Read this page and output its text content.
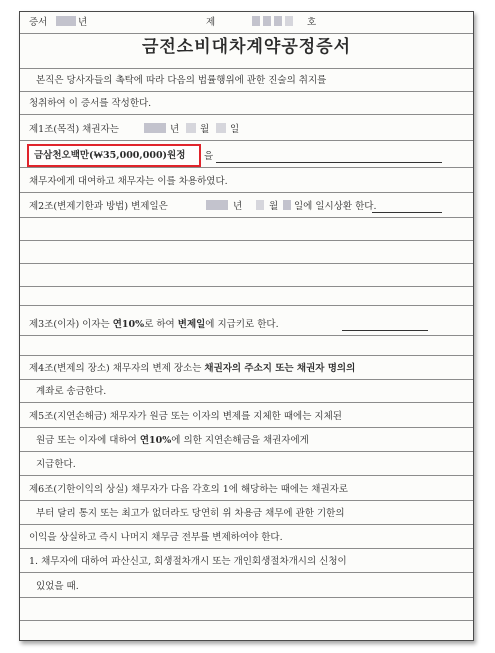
증서	년	제
	호
금전소비대차계약공정증서
본직은 당사자들의 촉탁에 따라 다음의 법률행위에 관한 진술의 취지를
청취하여 이 증서를 작성한다.
제1조(목적) 채권자는	년 월 일
금삼천오백만(₩35,000,000)원정	을
채무자에게 대여하고 채무자는 이를 차용하였다.
제2조(변제기한과 방법) 변제일은	년	월 일에 일시상환 한다.
제3조(이자) 이자는 연10%로 하여 변제일에 지급키로 한다.
제4조(변제의 장소) 채무자의 변제 장소는 채권자의 주소지 또는 채권자 명의의
계좌로 송금한다.
제5조(지연손해금) 채무자가 원금 또는 이자의 변제를 지체한 때에는 지체된
원금 또는 이자에 대하여 연10%에 의한 지연손해금을 채권자에게
지급한다.
제6조(기한이익의 상실) 채무자가 다음 각호의 1에 해당하는 때에는 채권자로
부터 달리 통지 또는 최고가 없더라도 당연히 위 차용금 채무에 관한 기한의
이익을 상실하고 즉시 나머지 채무금 전부를 변제하여야 한다.
1. 채무자에 대하여 파산신고, 회생절차개시 또는 개인회생절차개시의 신청이
있었을 때.
